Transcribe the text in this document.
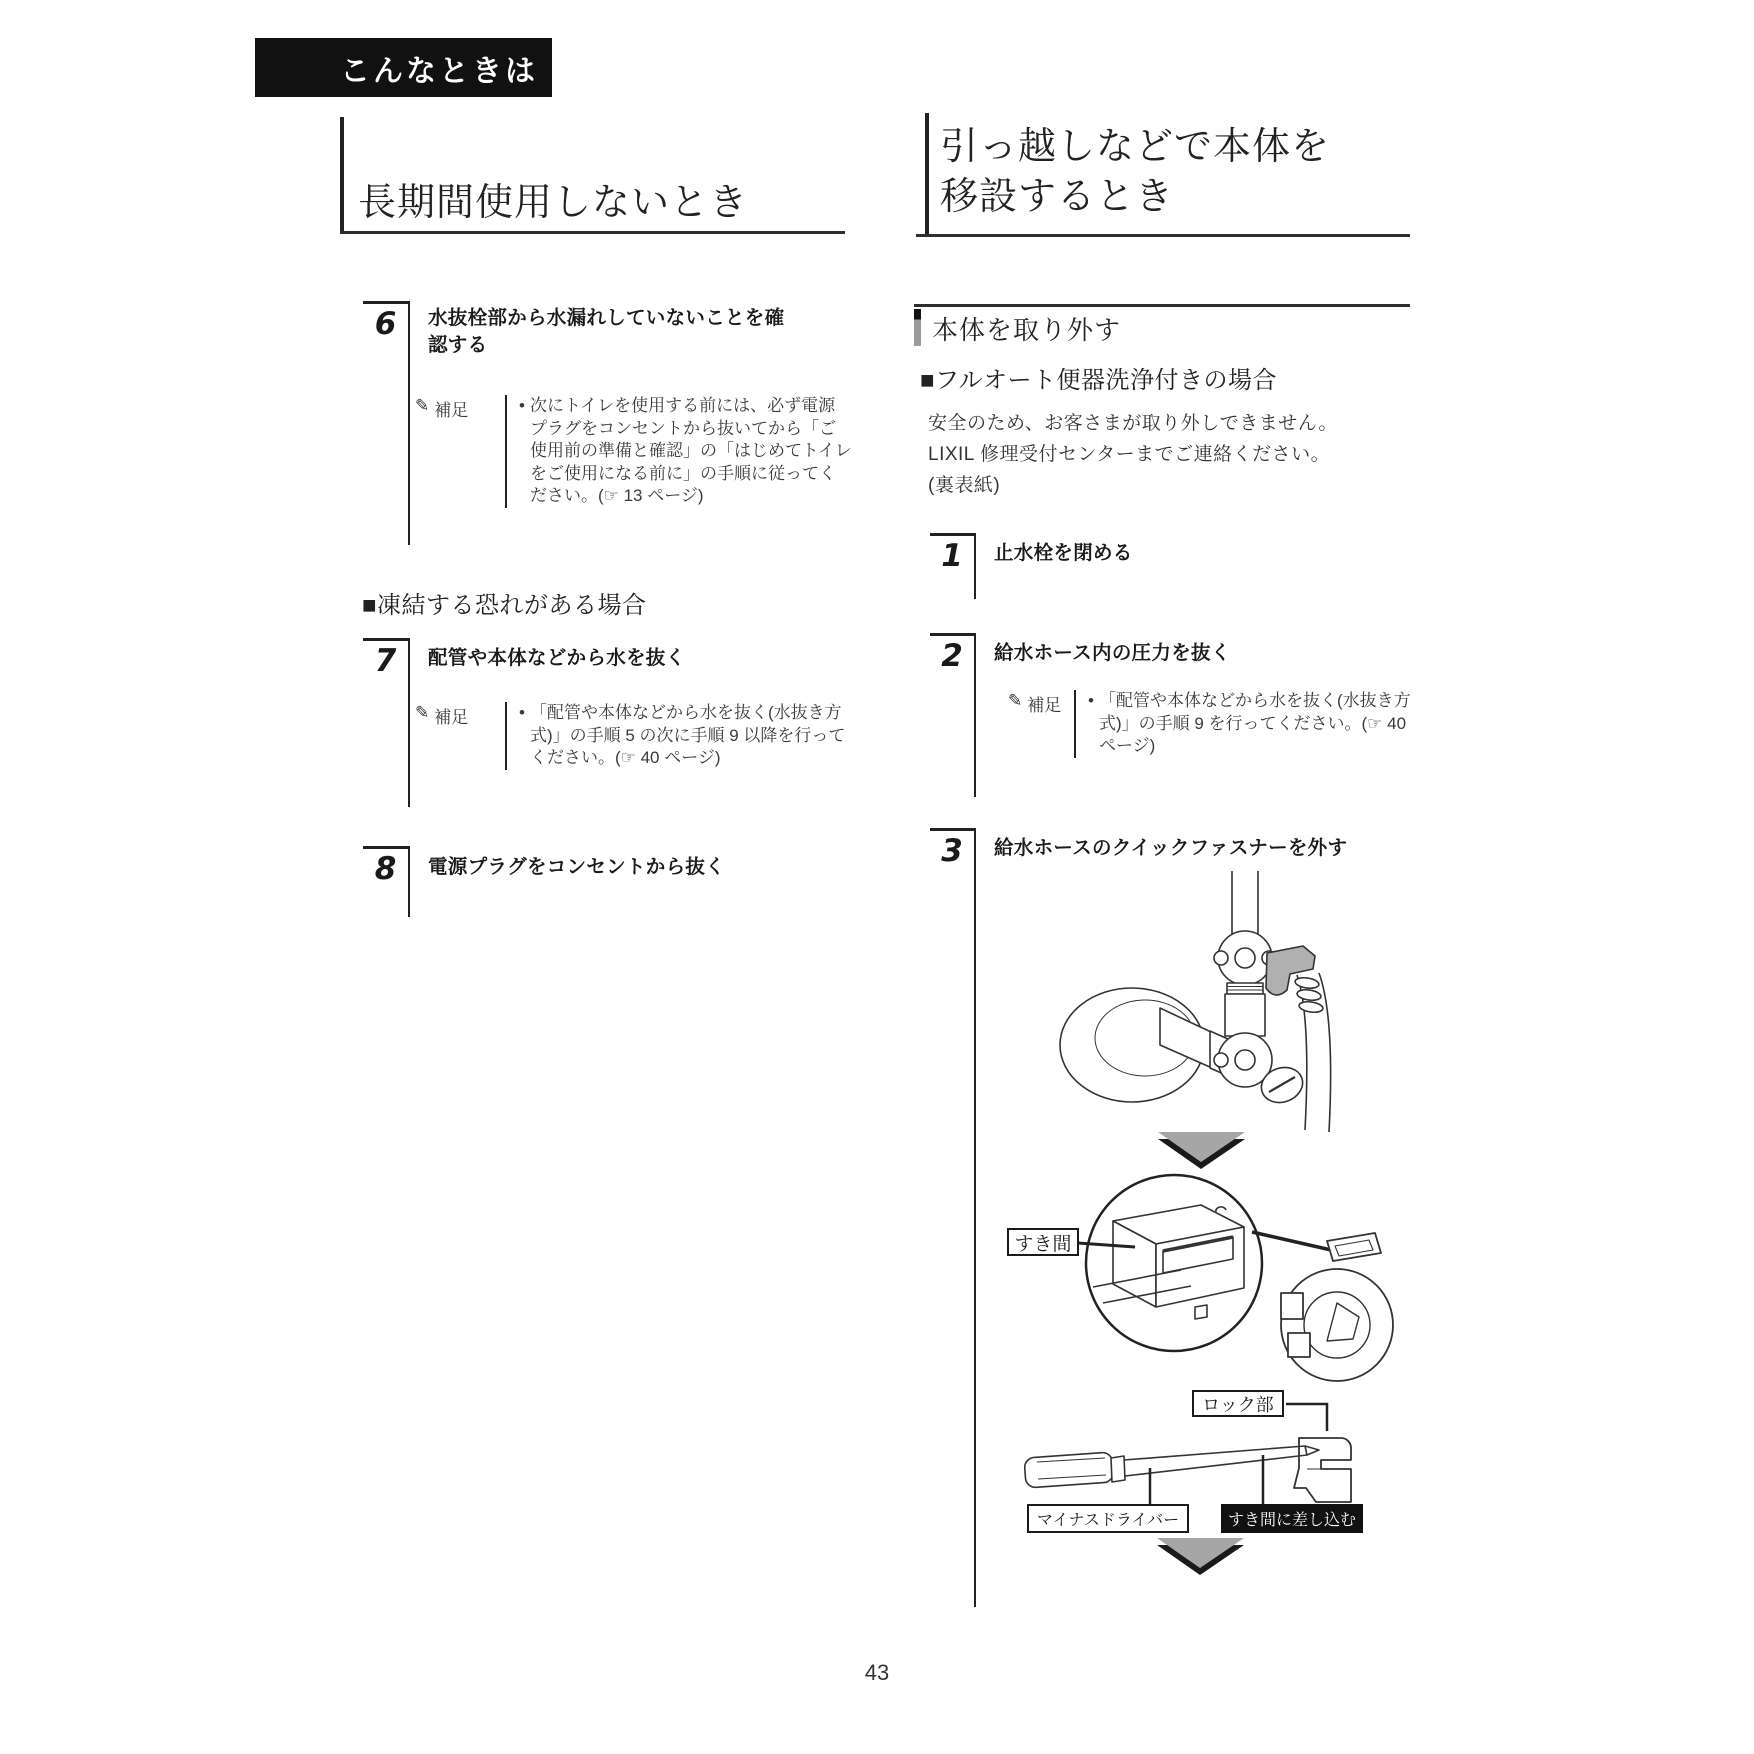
こんなときは
長期間使用しないとき
6 水抜栓部から水漏れしていないことを確認する
✎ 補足	• 次にトイレを使用する前には、必ず電源プラグをコンセントから抜いてから「ご使用前の準備と確認」の「はじめてトイレをご使用になる前に」の手順に従ってください。(☞ 13 ページ)
■凍結する恐れがある場合
7 配管や本体などから水を抜く
✎ 補足	• 「配管や本体などから水を抜く(水抜き方式)」の手順 5 の次に手順 9 以降を行ってください。(☞ 40 ページ)
8 電源プラグをコンセントから抜く
引っ越しなどで本体を
移設するとき
本体を取り外す
■フルオート便器洗浄付きの場合
安全のため、お客さまが取り外しできません。
LIXIL 修理受付センターまでご連絡ください。
(裏表紙)
1 止水栓を閉める
2 給水ホース内の圧力を抜く
✎ 補足 • 「配管や本体などから水を抜く(水抜き方式)」の手順 9 を行ってください。(☞ 40 ページ)
3 給水ホースのクイックファスナーを外す
すき間
ロック部
マイナスドライバー	すき間に差し込む
43
